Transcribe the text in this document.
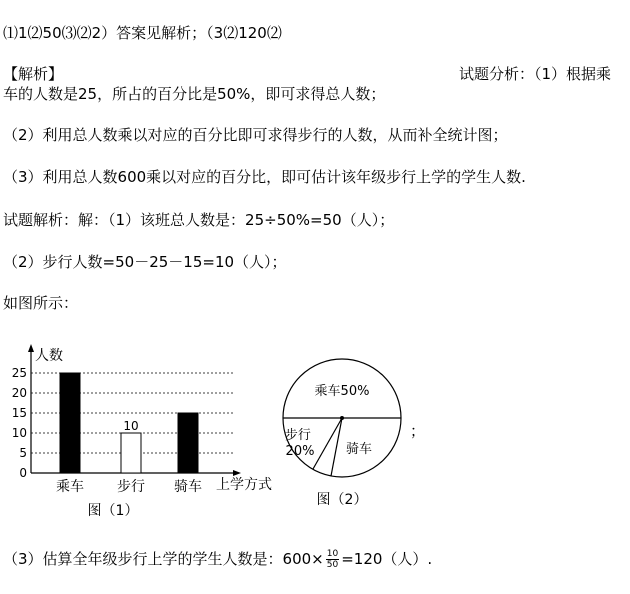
⑴1⑵50⑶⑵2）答案见解析；（3⑵120⑵
【解析】	试题分析：（1）根据乘
车的人数是25，所占的百分比是50%，即可求得总人数；
（2）利用总人数乘以对应的百分比即可求得步行的人数，从而补全统计图；
（3）利用总人数600乘以对应的百分比，即可估计该年级步行上学的学生人数.
试题解析：解：（1）该班总人数是：25÷50%=50（人）；
（2）步行人数=50－25－15=10（人）；
如图所示：
人数
上学方式
0
5
10
15
20
25
乘车 步行
10
骑车
图（1）
乘车50%
骑车
步行 20%
图（2）
；
（3）估算全年级步行上学的学生人数是：$600\times \frac{10}{50} =120$（人）.
